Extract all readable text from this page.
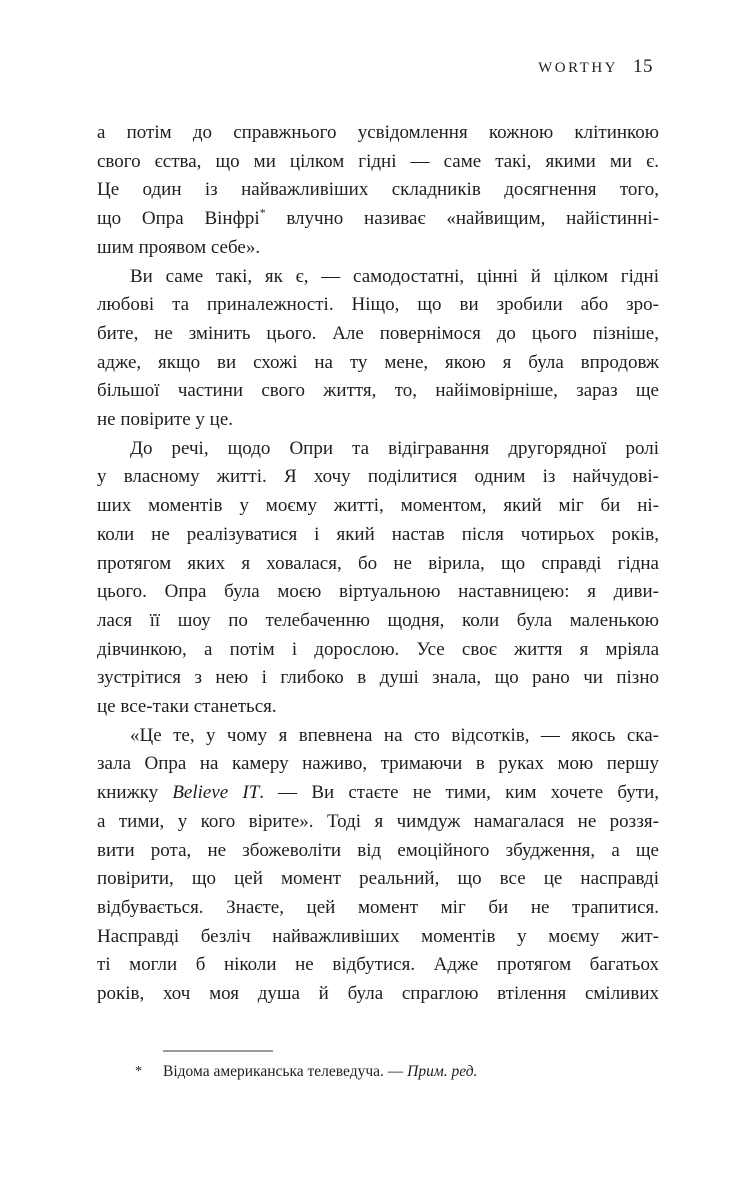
WORTHY 15
а потім до справжнього усвідомлення кожною клітинкою
свого єства, що ми цілком гідні — саме такі, якими ми є.
Це один із найважливіших складників досягнення того,
що Опра Вінфрі* влучно називає «найвищим, найістинні-
шим проявом себе».
Ви саме такі, як є, — самодостатні, цінні й цілком гідні
любові та приналежності. Ніщо, що ви зробили або зро-
бите, не змінить цього. Але повернімося до цього пізніше,
адже, якщо ви схожі на ту мене, якою я була впродовж
більшої частини свого життя, то, найімовірніше, зараз ще
не повірите у це.
До речі, щодо Опри та відігравання другорядної ролі
у власному житті. Я хочу поділитися одним із найчудові-
ших моментів у моєму житті, моментом, який міг би ні-
коли не реалізуватися і який настав після чотирьох років,
протягом яких я ховалася, бо не вірила, що справді гідна
цього. Опра була моєю віртуальною наставницею: я диви-
лася її шоу по телебаченню щодня, коли була маленькою
дівчинкою, а потім і дорослою. Усе своє життя я мріяла
зустрітися з нею і глибоко в душі знала, що рано чи пізно
це все-таки станеться.
«Це те, у чому я впевнена на сто відсотків, — якось ска-
зала Опра на камеру наживо, тримаючи в руках мою першу
книжку Believe IT. — Ви стаєте не тими, ким хочете бути,
а тими, у кого вірите». Тоді я чимдуж намагалася не роззя-
вити рота, не збожеволіти від емоційного збудження, а ще
повірити, що цей момент реальний, що все це насправді
відбувається. Знаєте, цей момент міг би не трапитися.
Насправді безліч найважливіших моментів у моєму жит-
ті могли б ніколи не відбутися. Адже протягом багатьох
років, хоч моя душа й була спраглою втілення сміливих
*	Відома американська телеведуча. — Прим. ред.
